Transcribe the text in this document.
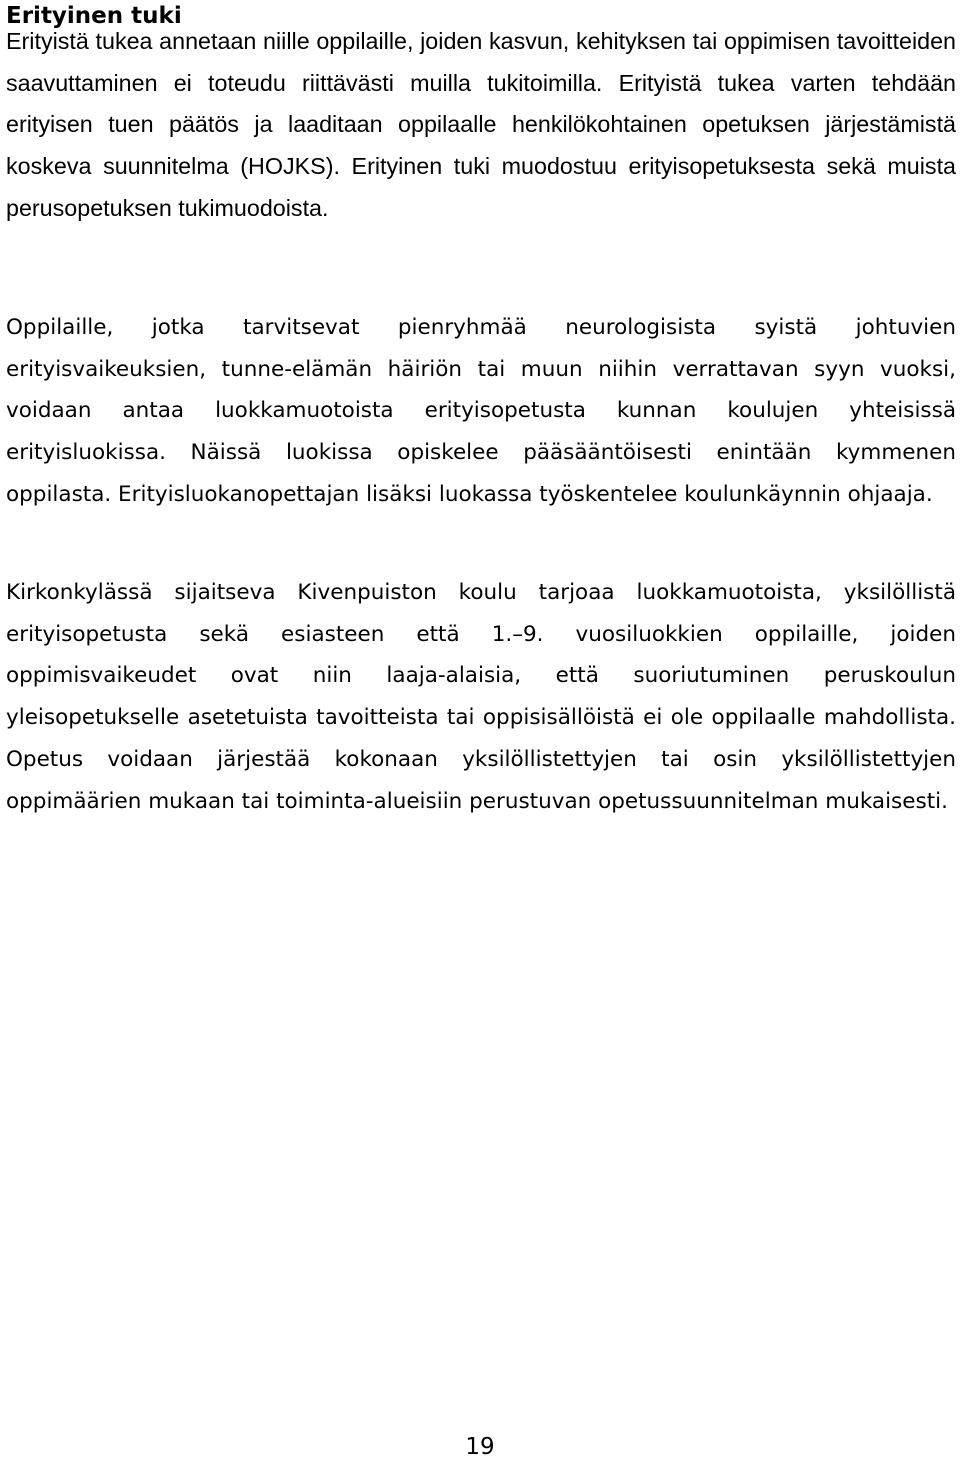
Erityinen tuki

Erityistä tukea annetaan niille oppilaille, joiden kasvun, kehityksen tai oppimisen tavoitteiden saavuttaminen ei toteudu riittävästi muilla tukitoimilla. Erityistä tukea varten tehdään erityisen tuen päätös ja laaditaan oppilaalle henkilökohtainen opetuksen järjestämistä koskeva suunnitelma (HOJKS). Erityinen tuki muodostuu erityisopetuksesta sekä muista perusopetuksen tukimuodoista.

Oppilaille, jotka tarvitsevat pienryhmää neurologisista syistä johtuvien erityisvaikeuksien, tunne-elämän häiriön tai muun niihin verrattavan syyn vuoksi, voidaan antaa luokkamuotoista erityisopetusta kunnan koulujen yhteisissä erityisluokissa. Näissä luokissa opiskelee pääsääntöisesti enintään kymmenen oppilasta. Erityisluokanopettajan lisäksi luokassa työskentelee koulunkäynnin ohjaaja.

Kirkonkylässä sijaitseva Kivenpuiston koulu tarjoaa luokkamuotoista, yksilöllistä erityisopetusta sekä esiasteen että 1.–9. vuosiluokkien oppilaille, joiden oppimisvaikeudet ovat niin laaja-alaisia, että suoriutuminen peruskoulun yleisopetukselle asetetuista tavoitteista tai oppisisällöistä ei ole oppilaalle mahdollista. Opetus voidaan järjestää kokonaan yksilöllistettyjen tai osin yksilöllistettyjen oppimäärien mukaan tai toiminta-alueisiin perustuvan opetussuunnitelman mukaisesti.

19
